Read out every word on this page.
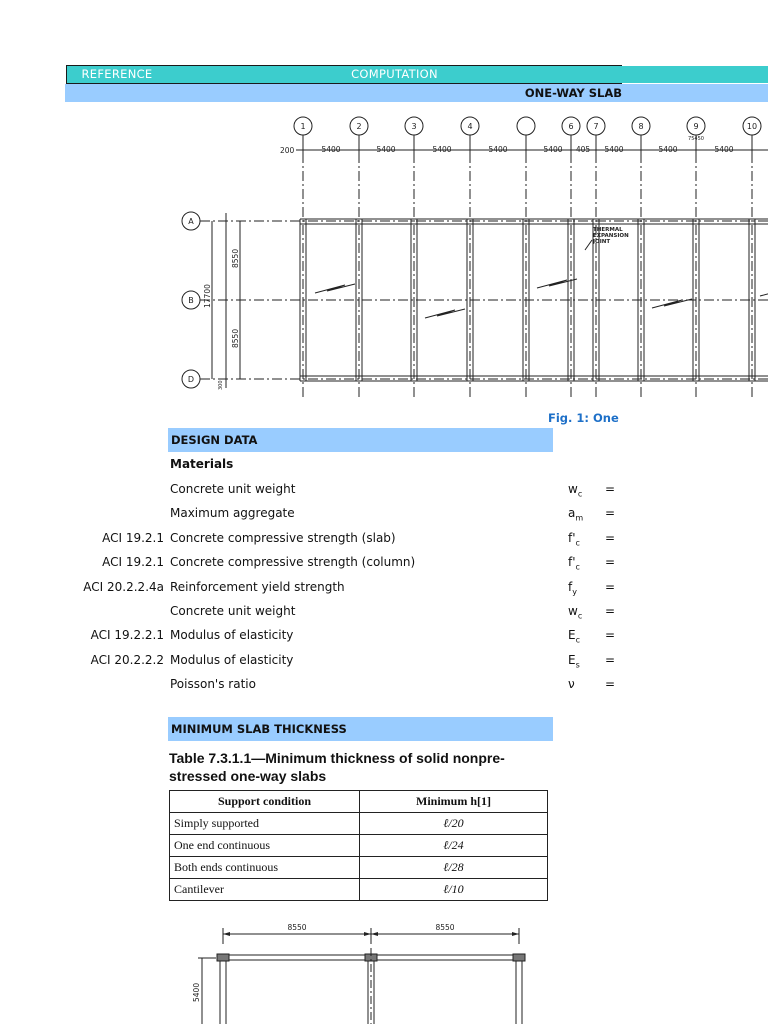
REFERENCE	COMPUTATION
ONE-WAY SLAB
1	2	3	4	6 7	8	9	10
A
B
D
200	5400	5400	5400	5400	5400 405 5400	5400	5400
75450
8550
17700
8550
300
THERMAL
EXPANSION
JOINT
Fig. 1: One
DESIGN DATA
Materials
Concrete unit weight	$w_c$ =
Maximum aggregate	$a_m$ =
ACI 19.2.1 Concrete compressive strength (slab)	$f'_c$ =
ACI 19.2.1 Concrete compressive strength (column)	$f'_c$ =
ACI 20.2.2.4a Reinforcement yield strength	$f_y$ =
Concrete unit weight	$w_c$ =
ACI 19.2.2.1 Modulus of elasticity	$E_c$ =
ACI 20.2.2.2 Modulus of elasticity	$E_s$ =
Poisson's ratio	ν	=
MINIMUM SLAB THICKNESS
Table 7.3.1.1—Minimum thickness of solid nonpre-stressed one-way slabs
Support condition	Minimum h[1]
Simply supported	ℓ/20
One end continuous	ℓ/24
Both ends continuous	ℓ/28
Cantilever	ℓ/10
8550	8550
5400
